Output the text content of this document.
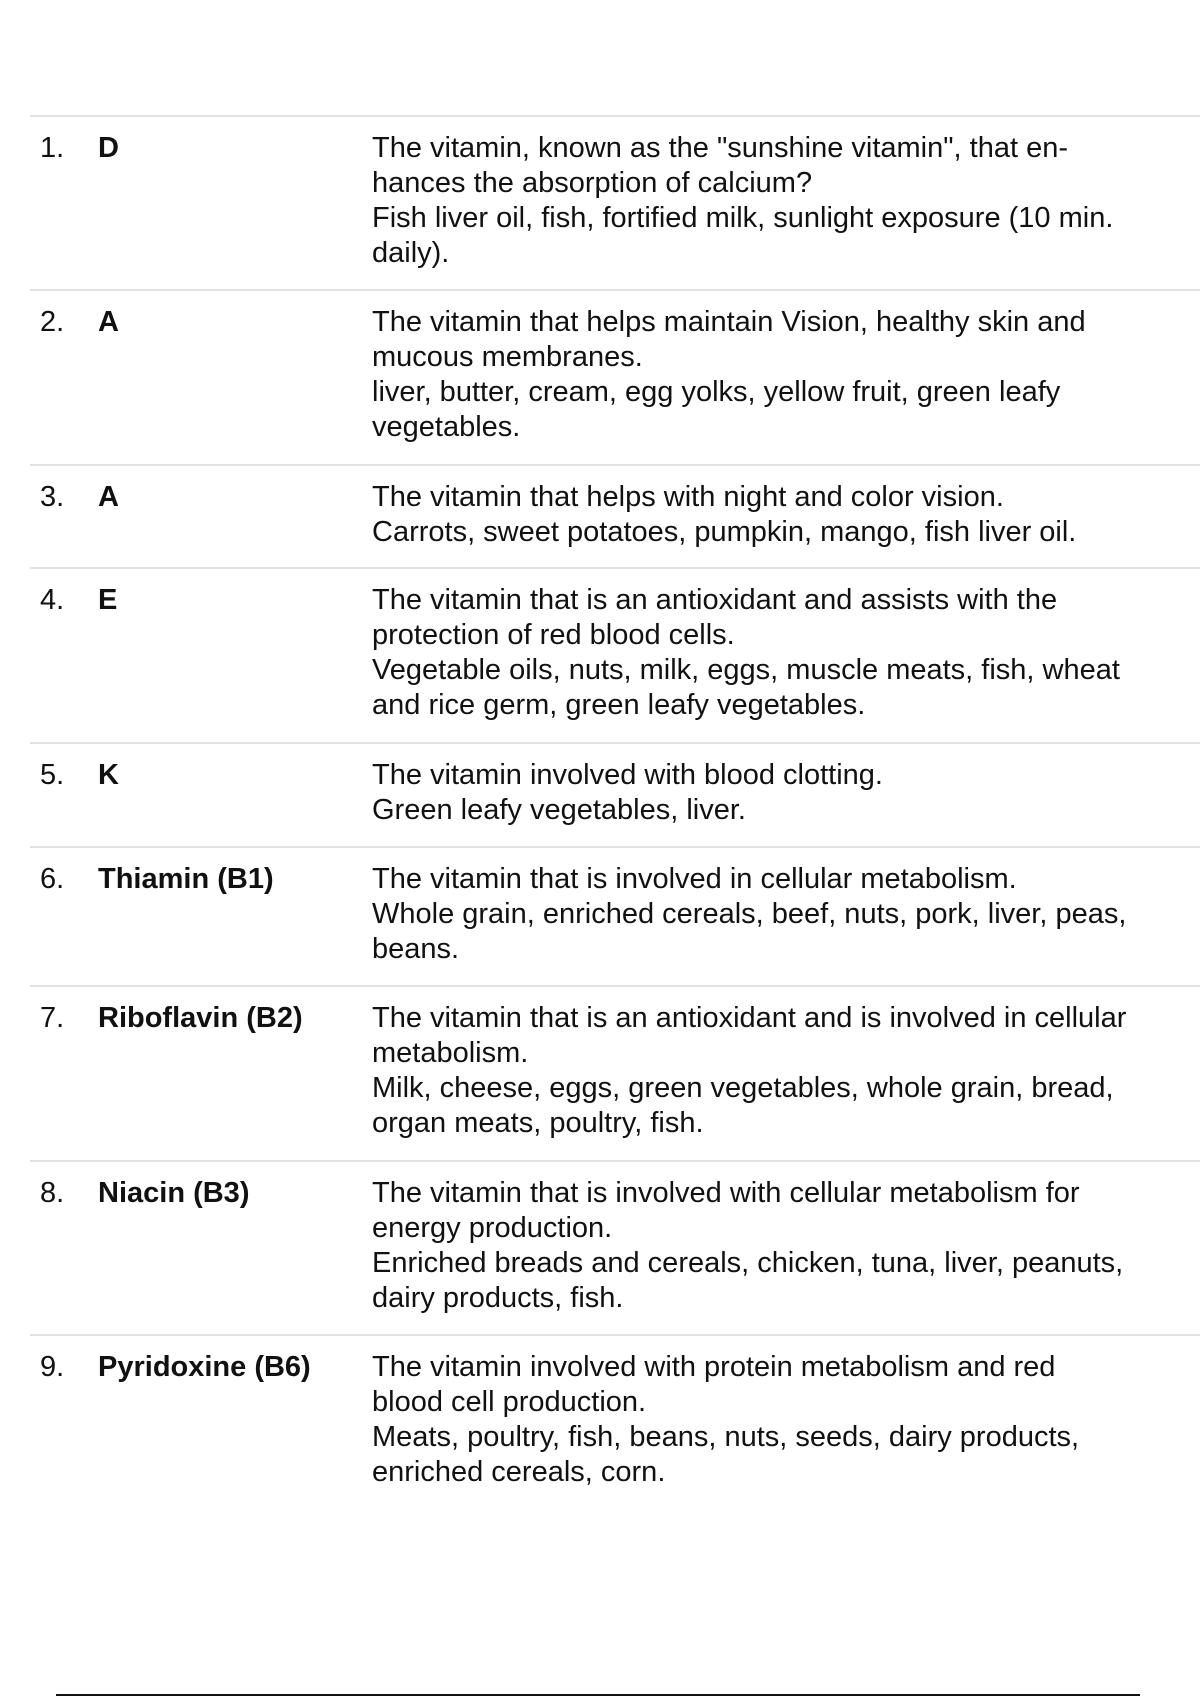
1. D	The vitamin, known as the "sunshine vitamin", that en-
hances the absorption of calcium?
Fish liver oil, fish, fortified milk, sunlight exposure (10 min.
daily).
2. A	The vitamin that helps maintain Vision, healthy skin and
mucous membranes.
liver, butter, cream, egg yolks, yellow fruit, green leafy
vegetables.
3. A	The vitamin that helps with night and color vision.
Carrots, sweet potatoes, pumpkin, mango, fish liver oil.
4. E	The vitamin that is an antioxidant and assists with the
protection of red blood cells.
Vegetable oils, nuts, milk, eggs, muscle meats, fish, wheat
and rice germ, green leafy vegetables.
5. K	The vitamin involved with blood clotting.
Green leafy vegetables, liver.
6. Thiamin (B1)	The vitamin that is involved in cellular metabolism.
Whole grain, enriched cereals, beef, nuts, pork, liver, peas,
beans.
7. Riboflavin (B2) The vitamin that is an antioxidant and is involved in cellular
metabolism.
Milk, cheese, eggs, green vegetables, whole grain, bread,
organ meats, poultry, fish.
8. Niacin (B3)	The vitamin that is involved with cellular metabolism for
energy production.
Enriched breads and cereals, chicken, tuna, liver, peanuts,
dairy products, fish.
9. Pyridoxine (B6) The vitamin involved with protein metabolism and red
blood cell production.
Meats, poultry, fish, beans, nuts, seeds, dairy products,
enriched cereals, corn.
